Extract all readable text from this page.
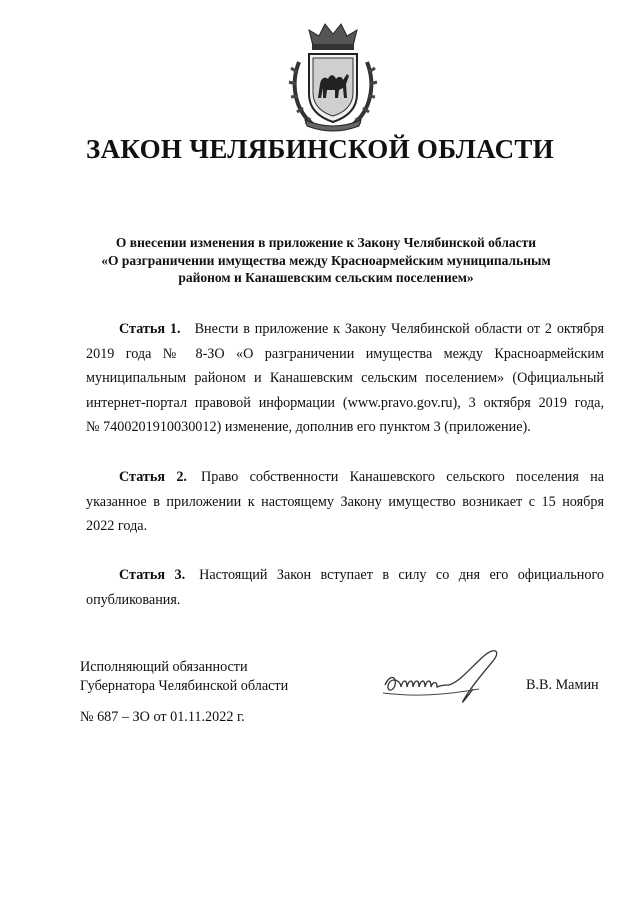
ЗАКОН ЧЕЛЯБИНСКОЙ ОБЛАСТИ
О внесении изменения в приложение к Закону Челябинской области
«О разграничении имущества между Красноармейским муниципальным
районом и Канашевским сельским поселением»
Статья 1. Внести в приложение к Закону Челябинской области от 2 октября
2019 года № 8-ЗО «О разграничении имущества между Красноармейским
муниципальным районом и Канашевским сельским поселением» (Официальный
интернет-портал правовой информации (www.pravo.gov.ru), 3 октября 2019 года,
№ 7400201910030012) изменение, дополнив его пунктом 3 (приложение).
Статья 2. Право собственности Канашевского сельского поселения на
указанное в приложении к настоящему Закону имущество возникает с 15 ноября
2022 года.
Статья 3. Настоящий Закон вступает в силу со дня его официального
опубликования.
Исполняющий обязанности
Губернатора Челябинской области	В.В. Мамин
№ 687 – ЗО от 01.11.2022 г.
